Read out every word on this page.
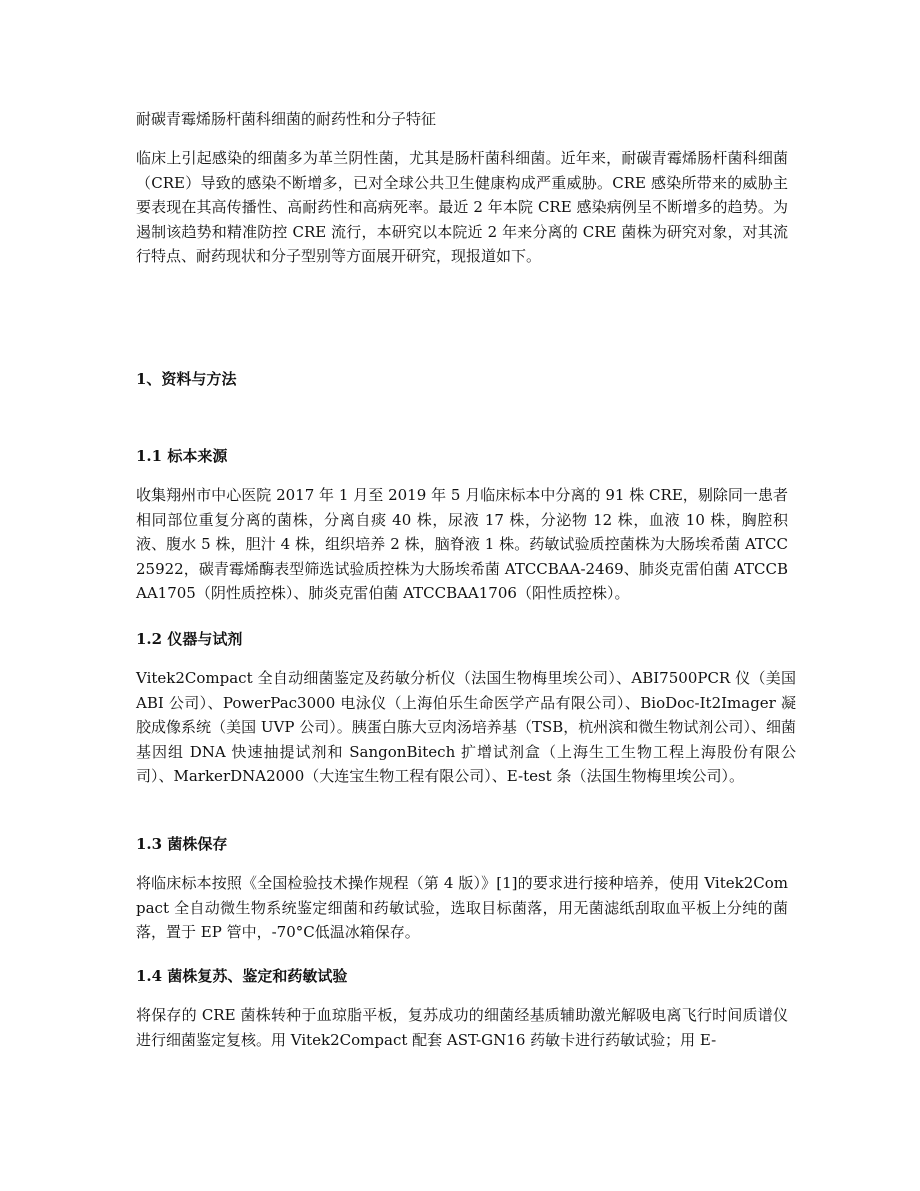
耐碳青霉烯肠杆菌科细菌的耐药性和分子特征

临床上引起感染的细菌多为革兰阴性菌，尤其是肠杆菌科细菌。近年来，耐碳青霉烯肠杆菌科细菌（CRE）导致的感染不断增多，已对全球公共卫生健康构成严重威胁。CRE 感染所带来的威胁主要表现在其高传播性、高耐药性和高病死率。最近 2 年本院 CRE 感染病例呈不断增多的趋势。为遏制该趋势和精准防控 CRE 流行，本研究以本院近 2 年来分离的 CRE 菌株为研究对象，对其流行特点、耐药现状和分子型别等方面展开研究，现报道如下。

1、资料与方法
1.1 标本来源

收集翔州市中心医院 2017 年 1 月至 2019 年 5 月临床标本中分离的 91 株 CRE，剔除同一患者相同部位重复分离的菌株，分离自痰 40 株，尿液 17 株，分泌物 12 株，血液 10 株，胸腔积液、腹水 5 株，胆汁 4 株，组织培养 2 株，脑脊液 1 株。药敏试验质控菌株为大肠埃希菌 ATCC25922，碳青霉烯酶表型筛选试验质控株为大肠埃希菌 ATCCBAA-2469、肺炎克雷伯菌 ATCCBAA1705（阴性质控株）、肺炎克雷伯菌 ATCCBAA1706（阳性质控株）。

1.2 仪器与试剂

Vitek2Compact 全自动细菌鉴定及药敏分析仪（法国生物梅里埃公司）、ABI7500PCR 仪（美国 ABI 公司）、PowerPac3000 电泳仪（上海伯乐生命医学产品有限公司）、BioDoc-It2Imager 凝胶成像系统（美国 UVP 公司）。胰蛋白胨大豆肉汤培养基（TSB，杭州滨和微生物试剂公司）、细菌基因组 DNA 快速抽提试剂和 SangonBitech 扩增试剂盒（上海生工生物工程上海股份有限公司）、MarkerDNA2000（大连宝生物工程有限公司）、E-test 条（法国生物梅里埃公司）。

1.3 菌株保存

将临床标本按照《全国检验技术操作规程（第 4 版）》[1]的要求进行接种培养，使用 Vitek2Compact 全自动微生物系统鉴定细菌和药敏试验，选取目标菌落，用无菌滤纸刮取血平板上分纯的菌落，置于 EP 管中，-70°C低温冰箱保存。

1.4 菌株复苏、鉴定和药敏试验

将保存的 CRE 菌株转种于血琼脂平板，复苏成功的细菌经基质辅助激光解吸电离飞行时间质谱仪进行细菌鉴定复核。用 Vitek2Compact 配套 AST-GN16 药敏卡进行药敏试验；用 E-
